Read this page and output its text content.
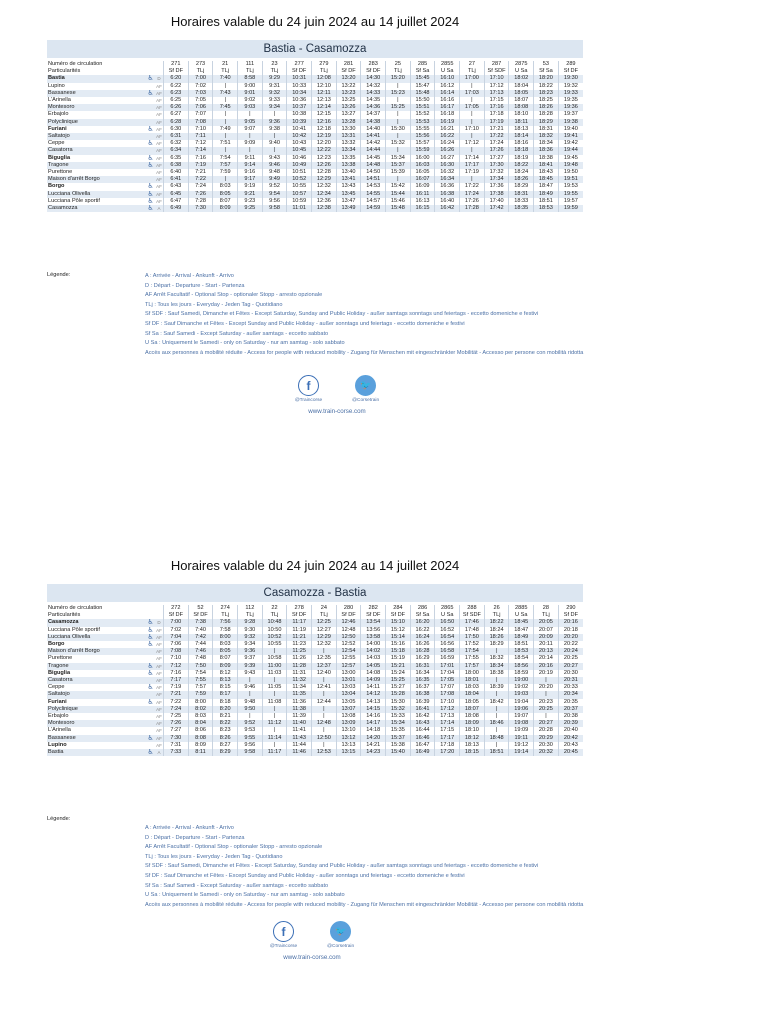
Horaires valable du 24 juin 2024 au 14 juillet 2024
Bastia - Casamozza
Numéro de circulation			271	273	21	111	23	277	279	281	283	25	285	2855	27	287	2875	53	289
Particularités			Sf DF	TLj	TLj	TLj	TLj	Sf DF	TLj	Sf DF	Sf DF	TLj	Sf Sa	U Sa	TLj	Sf SDF	U Sa	Sf Sa	Sf DF
Bastia	♿	D	6:20	7:00	7:40	8:58	9:29	10:31	12:08	13:20	14:30	15:20	15:45	16:10	17:00	17:10	18:02	18:20	19:30
Lupino		AF	6:22	7:02	|	9:00	9:31	10:33	12:10	13:22	14:32	|	15:47	16:12	|	17:12	18:04	18:22	19:32
Bassanese	♿	AF	6:23	7:03	7:43	9:01	9:32	10:34	12:11	13:23	14:33	15:23	15:48	16:14	17:03	17:13	18:05	18:23	19:33
L'Arinella		AF	6:25	7:05	|	9:02	9:33	10:36	12:13	13:25	14:35	|	15:50	16:16	|	17:15	18:07	18:25	19:35
Montesoro		AF	6:26	7:06	7:45	9:03	9:34	10:37	12:14	13:26	14:36	15:25	15:51	16:17	17:05	17:16	18:08	18:26	19:36
Erbajolo		AF	6:27	7:07	|	|	|	10:38	12:15	13:27	14:37	|	15:52	16:18	|	17:18	18:10	18:28	19:37
Polyclinique		AF	6:28	7:08	|	9:05	9:36	10:39	12:16	13:28	14:38	|	15:53	16:19	|	17:19	18:11	18:29	19:38
Furiani	♿	AF	6:30	7:10	7:49	9:07	9:38	10:41	12:18	13:30	14:40	15:30	15:55	16:21	17:10	17:21	18:13	18:31	19:40
Saltatojo		AF	6:31	7:11	|	|	|	10:42	12:19	13:31	14:41	|	15:56	16:22	|	17:22	18:14	18:32	19:41
Ceppe	♿	AF	6:32	7:12	7:51	9:09	9:40	10:43	12:20	13:32	14:42	15:32	15:57	16:24	17:12	17:24	18:16	18:34	19:42
Casatorra		AF	6:34	7:14	|	|	|	10:45	12:22	13:34	14:44	|	15:59	16:26	|	17:26	18:18	18:36	19:44
Biguglia	♿	AF	6:35	7:16	7:54	9:11	9:43	10:46	12:23	13:35	14:45	15:34	16:00	16:27	17:14	17:27	18:19	18:38	19:45
Tragone	♿	AF	6:38	7:19	7:57	9:14	9:46	10:49	12:26	13:38	14:48	15:37	16:03	16:30	17:17	17:30	18:22	18:41	19:48
Purettone		AF	6:40	7:21	7:59	9:16	9:48	10:51	12:28	13:40	14:50	15:39	16:05	16:32	17:19	17:32	18:24	18:43	19:50
Maison d'arrêt Borgo		AF	6:41	7:22	|	9:17	9:49	10:52	12:29	13:41	14:51	|	16:07	16:34	|	17:34	18:26	18:45	19:51
Borgo	♿	AF	6:43	7:24	8:03	9:19	9:52	10:55	12:32	13:43	14:53	15:42	16:09	16:36	17:22	17:36	18:29	18:47	19:53
Lucciana Olivella	♿	AF	6:45	7:26	8:05	9:21	9:54	10:57	12:34	13:45	14:55	15:44	16:11	16:38	17:24	17:38	18:31	18:49	19:55
Lucciana Pôle sportif	♿	AF	6:47	7:28	8:07	9:23	9:56	10:59	12:36	13:47	14:57	15:46	16:13	16:40	17:26	17:40	18:33	18:51	19:57
Casamozza	♿	A	6:49	7:30	8:09	9:25	9:58	11:01	12:38	13:49	14:59	15:48	16:15	16:42	17:28	17:42	18:35	18:53	19:59
Légende:	A : Arrivée - Arrival - Ankunft - Arrivo
D : Départ - Departure - Start - Partenza
AF Arrêt Facultatif - Optional Stop - optionaler Stopp - arresto opzionale
TLj : Tous les jours - Everyday - Jeden Tag - Quotidiano
Sf SDF : Sauf Samedi, Dimanche et Fêtes - Except Saturday, Sunday and Public Holiday - außer samtags sonntags und feiertags - eccetto domeniche e festivi
Sf DF : Sauf Dimanche et Fêtes - Except Sunday and Public Holiday - außer sonntags und feiertags - eccetto domeniche e festivi
Sf Sa : Sauf Samedi - Except Saturday - außer samtags - eccetto sabbato
U Sa : Uniquement le Samedi - only on Saturday - nur am samtag - solo sabbato
Accès aux personnes à mobilité réduite - Access for people with reduced mobility - Zugang für Menschen mit eingeschränkter Mobilität - Accesso per persone con mobilità ridotta
f
@Traincorse
🐦
@Corsetrain
www.train-corse.com
Horaires valable du 24 juin 2024 au 14 juillet 2024
Casamozza - Bastia
Numéro de circulation			272	52	274	112	22	278	24	280	282	284	286	2865	288	26	2885	28	290
Particularités			Sf DF	Sf DF	TLj	TLj	TLj	Sf DF	TLj	Sf DF	Sf DF	Sf DF	Sf Sa	U Sa	Sf SDF	TLj	U Sa	TLj	Sf DF
Casamozza	♿	D	7:00	7:38	7:56	9:28	10:48	11:17	12:25	12:46	13:54	15:10	16:20	16:50	17:46	18:22	18:45	20:05	20:16
Lucciana Pôle sportif	♿	AF	7:02	7:40	7:58	9:30	10:50	11:19	12:27	12:48	13:56	15:12	16:22	16:52	17:48	18:24	18:47	20:07	20:18
Lucciana Olivella	♿	AF	7:04	7:42	8:00	9:32	10:52	11:21	12:29	12:50	13:58	15:14	16:24	16:54	17:50	18:26	18:49	20:09	20:20
Borgo	♿	AF	7:06	7:44	8:03	9:34	10:55	11:23	12:32	12:52	14:00	15:16	16:26	16:56	17:52	18:29	18:51	20:11	20:22
Maison d'arrêt Borgo		AF	7:08	7:46	8:05	9:36	|	11:25	|	12:54	14:02	15:18	16:28	16:58	17:54	|	18:53	20:13	20:24
Purettone		AF	7:10	7:48	8:07	9:37	10:58	11:26	12:35	12:55	14:03	15:19	16:29	16:59	17:55	18:32	18:54	20:14	20:25
Tragone	♿	AF	7:12	7:50	8:09	9:39	11:00	11:28	12:37	12:57	14:05	15:21	16:31	17:01	17:57	18:34	18:56	20:16	20:27
Biguglia	♿	AF	7:16	7:54	8:12	9:43	11:03	11:31	12:40	13:00	14:08	15:24	16:34	17:04	18:00	18:38	18:59	20:19	20:30
Casatorra		AF	7:17	7:55	8:13	|	|	11:32	|	13:01	14:09	15:25	16:35	17:05	18:01	|	19:00	|	20:31
Ceppe	♿	AF	7:19	7:57	8:15	9:46	11:05	11:34	12:41	13:03	14:11	15:27	16:37	17:07	18:03	18:39	19:02	20:20	20:33
Saltatojo		AF	7:21	7:59	8:17	|	|	11:35	|	13:04	14:12	15:28	16:38	17:08	18:04	|	19:03	|	20:34
Furiani	♿	AF	7:22	8:00	8:18	9:48	11:08	11:36	12:44	13:05	14:13	15:30	16:39	17:10	18:05	18:42	19:04	20:23	20:35
Polyclinique		AF	7:24	8:02	8:20	9:50	|	11:38	|	13:07	14:15	15:32	16:41	17:12	18:07	|	19:06	20:25	20:37
Erbajolo		AF	7:25	8:03	8:21	|	|	11:39	|	13:08	14:16	15:33	16:42	17:13	18:08	|	19:07	|	20:38
Montesoro		AF	7:26	8:04	8:22	9:52	11:12	11:40	12:48	13:09	14:17	15:34	16:43	17:14	18:09	18:46	19:08	20:27	20:39
L'Arinella		AF	7:27	8:06	8:23	9:53	|	11:41	|	13:10	14:18	15:35	16:44	17:15	18:10	|	19:09	20:28	20:40
Bassanese	♿	AF	7:30	8:08	8:26	9:55	11:14	11:43	12:50	13:12	14:20	15:37	16:46	17:17	18:12	18:48	19:11	20:29	20:42
Lupino		AF	7:31	8:09	8:27	9:56	|	11:44	|	13:13	14:21	15:38	16:47	17:18	18:13	|	19:12	20:30	20:43
Bastia	♿	A	7:33	8:11	8:29	9:58	11:17	11:46	12:53	13:15	14:23	15:40	16:49	17:20	18:15	18:51	19:14	20:32	20:45
Légende:
A : Arrivée - Arrival - Ankunft - Arrivo
D : Départ - Departure - Start - Partenza
AF Arrêt Facultatif - Optional Stop - optionaler Stopp - arresto opzionale
TLj : Tous les jours - Everyday - Jeden Tag - Quotidiano
Sf SDF : Sauf Samedi, Dimanche et Fêtes - Except Saturday, Sunday and Public Holiday - außer samtags sonntags und feiertags - eccetto domeniche e festivi
Sf DF : Sauf Dimanche et Fêtes - Except Sunday and Public Holiday - außer sonntags und feiertags - eccetto domeniche e festivi
Sf Sa : Sauf Samedi - Except Saturday - außer samtags - eccetto sabbato
U Sa : Uniquement le Samedi - only on Saturday - nur am samtag - solo sabbato
Accès aux personnes à mobilité réduite - Access for people with reduced mobility - Zugang für Menschen mit eingeschränkter Mobilität - Accesso per persone con mobilità ridotta
f
@Traincorse
🐦
@Corsetrain
www.train-corse.com
